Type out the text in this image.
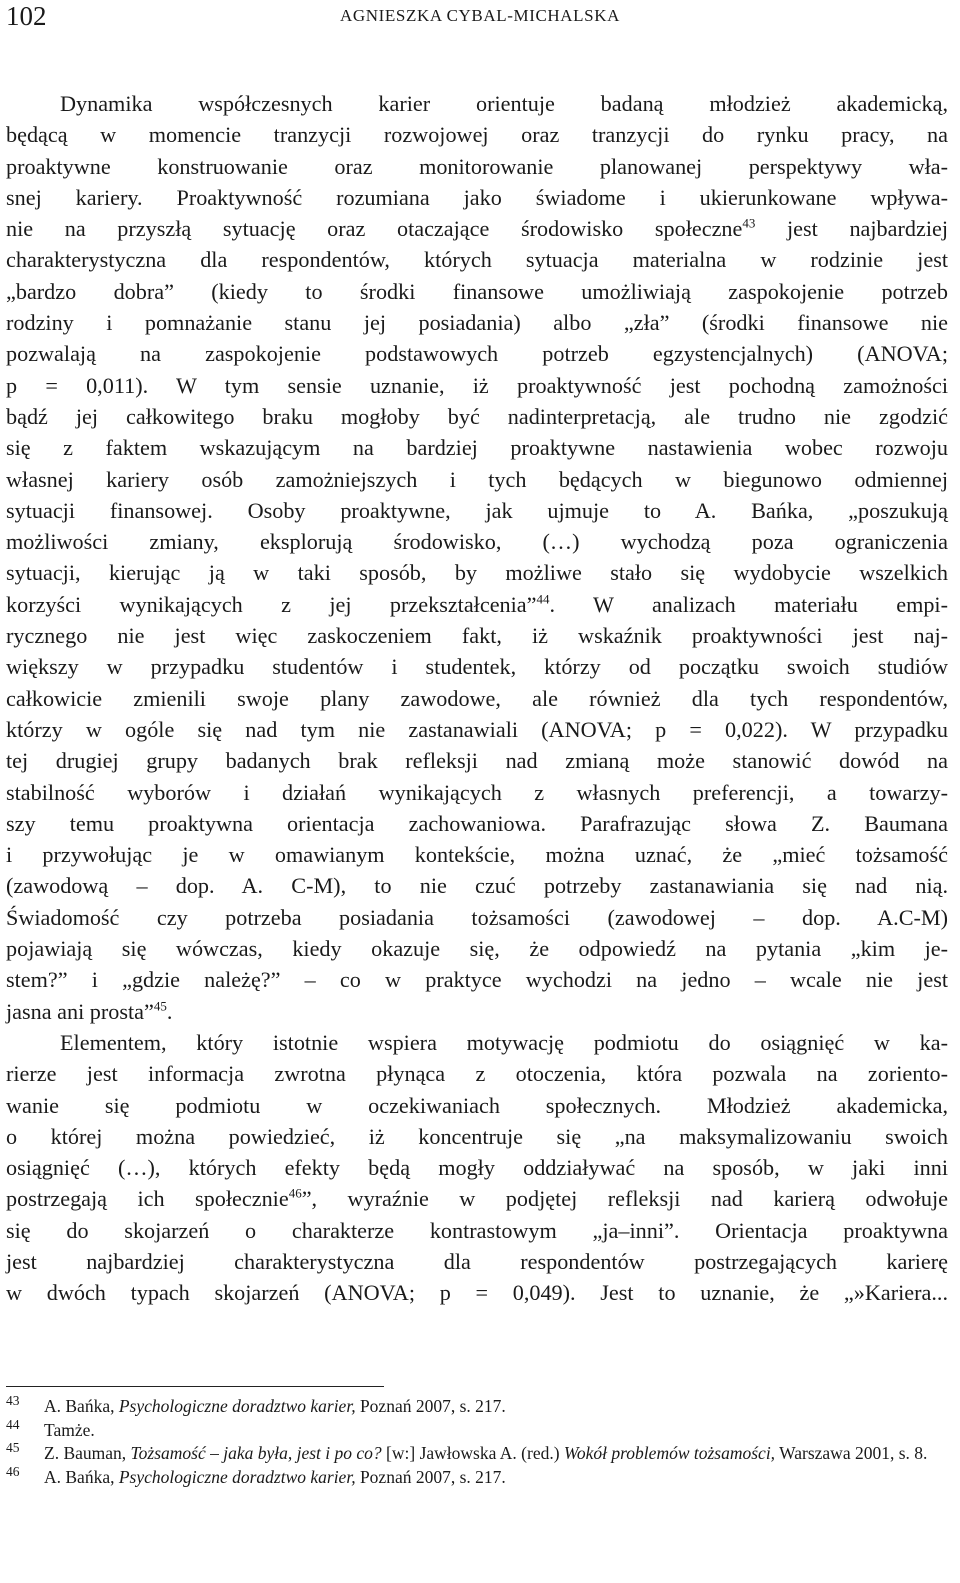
102	AGNIESZKA CYBAL-MICHALSKA
Dynamika współczesnych karier orientuje badaną młodzież akademicką,
będącą w momencie tranzycji rozwojowej oraz tranzycji do rynku pracy, na
proaktywne konstruowanie oraz monitorowanie planowanej perspektywy wła-
snej kariery. Proaktywność rozumiana jako świadome i ukierunkowane wpływa-
nie na przyszłą sytuację oraz otaczające środowisko społeczne$^{43}$ jest najbardziej
charakterystyczna dla respondentów, których sytuacja materialna w rodzinie jest
„bardzo dobra” (kiedy to środki finansowe umożliwiają zaspokojenie potrzeb
rodziny i pomnażanie stanu jej posiadania) albo „zła” (środki finansowe nie
pozwalają na zaspokojenie podstawowych potrzeb egzystencjalnych) (ANOVA;
p = 0,011). W tym sensie uznanie, iż proaktywność jest pochodną zamożności
bądź jej całkowitego braku mogłoby być nadinterpretacją, ale trudno nie zgodzić
się z faktem wskazującym na bardziej proaktywne nastawienia wobec rozwoju
własnej kariery osób zamożniejszych i tych będących w biegunowo odmiennej
sytuacji finansowej. Osoby proaktywne, jak ujmuje to A. Bańka, „poszukują
możliwości zmiany, eksplorują środowisko, (…) wychodzą poza ograniczenia
sytuacji, kierując ją w taki sposób, by możliwe stało się wydobycie wszelkich
korzyści wynikających z jej przekształcenia”$^{44}$. W analizach materiału empi-
rycznego nie jest więc zaskoczeniem fakt, iż wskaźnik proaktywności jest naj-
większy w przypadku studentów i studentek, którzy od początku swoich studiów
całkowicie zmienili swoje plany zawodowe, ale również dla tych respondentów,
którzy w ogóle się nad tym nie zastanawiali (ANOVA; p = 0,022). W przypadku
tej drugiej grupy badanych brak refleksji nad zmianą może stanowić dowód na
stabilność wyborów i działań wynikających z własnych preferencji, a towarzy-
szy temu proaktywna orientacja zachowaniowa. Parafrazując słowa Z. Baumana
i przywołując je w omawianym kontekście, można uznać, że „mieć tożsamość
(zawodową – dop. A. C-M), to nie czuć potrzeby zastanawiania się nad nią.
Świadomość czy potrzeba posiadania tożsamości (zawodowej – dop. A.C-M)
pojawiają się wówczas, kiedy okazuje się, że odpowiedź na pytania „kim je-
stem?” i „gdzie należę?” – co w praktyce wychodzi na jedno – wcale nie jest
jasna ani prosta”$^{45}$.
Elementem, który istotnie wspiera motywację podmiotu do osiągnięć w ka-
rierze jest informacja zwrotna płynąca z otoczenia, która pozwala na zoriento-
wanie się podmiotu w oczekiwaniach społecznych. Młodzież akademicka,
o której można powiedzieć, iż koncentruje się „na maksymalizowaniu swoich
osiągnięć (…), których efekty będą mogły oddziaływać na sposób, w jaki inni
postrzegają ich społecznie$^{46}$”, wyraźnie w podjętej refleksji nad karierą odwołuje
się do skojarzeń o charakterze kontrastowym „ja–inni”. Orientacja proaktywna
jest najbardziej charakterystyczna dla respondentów postrzegających karierę
w dwóch typach skojarzeń (ANOVA; p = 0,049). Jest to uznanie, że „»Kariera...

43 A. Bańka, Psychologiczne doradztwo karier, Poznań 2007, s. 217.

44 Tamże.

45 Z. Bauman, Tożsamość – jaka była, jest i po co? [w:] Jawłowska A. (red.) Wokół problemów tożsamości, Warszawa 2001, s. 8.

46 A. Bańka, Psychologiczne doradztwo karier, Poznań 2007, s. 217.
